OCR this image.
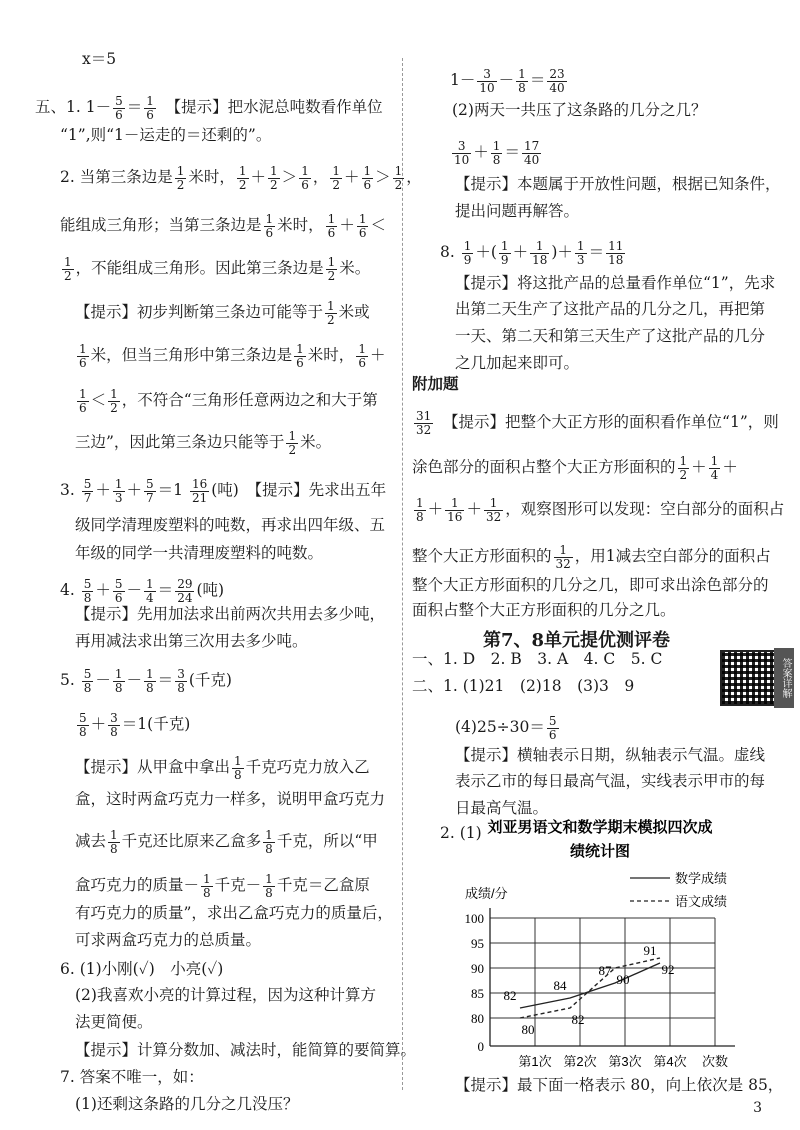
x＝5
五、1. $1- \frac{5}{6} = \frac{1}{6}$ 　【提示】把水泥总吨数看作单位
“1”,则“1－运走的＝还剩的”。
2. 当第三条边是 $\frac{1}{2}$ 米时， $\frac{1}{2} + \frac{1}{2} > \frac{1}{6}$ ， $\frac{1}{2} + \frac{1}{6} > \frac{1}{2}$ ，
能组成三角形；当第三条边是 $\frac{1}{6}$ 米时， $\frac{1}{6} + \frac{1}{6}$ ＜
$\frac{1}{2}$ ，不能组成三角形。因此第三条边是 $\frac{1}{2}$ 米。
【提示】初步判断第三条边可能等于 $\frac{1}{2}$ 米或
$\frac{1}{6}$ 米，但当三角形中第三条边是 $\frac{1}{6}$ 米时， $\frac{1}{6}$ ＋
$\frac{1}{6} < \frac{1}{2}$ ，不符合“三角形任意两边之和大于第
三边”，因此第三条边只能等于 $\frac{1}{2}$ 米。
3. $\frac{5}{7} + \frac{1}{3} + \frac{5}{7} =1 \frac{16}{21}$ (吨)　【提示】先求出五年
级同学清理废塑料的吨数，再求出四年级、五
年级的同学一共清理废塑料的吨数。
4. $\frac{5}{8} + \frac{5}{6} - \frac{1}{4} = \frac{29}{24}$ (吨)
【提示】先用加法求出前两次共用去多少吨，
再用减法求出第三次用去多少吨。
5. $\frac{5}{8} - \frac{1}{8} - \frac{1}{8} = \frac{3}{8}$ (千克)
$\frac{5}{8} + \frac{3}{8} =1$(千克)
【提示】从甲盒中拿出 $\frac{1}{8}$ 千克巧克力放入乙
盒，这时两盒巧克力一样多，说明甲盒巧克力
减去 $\frac{1}{8}$ 千克还比原来乙盒多 $\frac{1}{8}$ 千克，所以“甲
盒巧克力的质量－ $\frac{1}{8}$ 千克－ $\frac{1}{8}$ 千克＝乙盒原
有巧克力的质量”，求出乙盒巧克力的质量后，
可求两盒巧克力的总质量。
6. (1)小刚(✓)　小亮(✓)
(2)我喜欢小亮的计算过程，因为这种计算方
法更简便。
【提示】计算分数加、减法时，能简算的要简算。
7. 答案不唯一，如：
(1)还剩这条路的几分之几没压？
$1- \frac{3}{10} - \frac{1}{8} = \frac{23}{40}$
(2)两天一共压了这条路的几分之几？
$\frac{3}{10} + \frac{1}{8} = \frac{17}{40}$
【提示】本题属于开放性问题，根据已知条件，
提出问题再解答。
8. $\frac{1}{9}$ ＋( $\frac{1}{9} + \frac{1}{18}$ )＋ $\frac{1}{3} = \frac{11}{18}$
【提示】将这批产品的总量看作单位“1”，先求
出第二天生产了这批产品的几分之几，再把第
一天、第二天和第三天生产了这批产品的几分
之几加起来即可。
附加题
$\frac{31}{32}$ 　【提示】把整个大正方形的面积看作单位“1”，则
涂色部分的面积占整个大正方形面积的 $\frac{1}{2} + \frac{1}{4}$ ＋
$\frac{1}{8} + \frac{1}{16} + \frac{1}{32}$ ，观察图形可以发现：空白部分的面积占
整个大正方形面积的 $\frac{1}{32}$ ，用1减去空白部分的面积占
整个大正方形面积的几分之几，即可求出涂色部分的
面积占整个大正方形面积的几分之几。
一、1. D　2. B　3. A　4. C　5. C
二、1. (1)21　(2)18　(3)3　9
$(4)25\div 30= \frac{5}{6}$
【提示】横轴表示日期，纵轴表示气温。虚线
表示乙市的每日最高气温，实线表示甲市的每
日最高气温。
2. (1)
【提示】最下面一格表示 80，向上依次是 85，
第7、8单元提优测评卷
答案详解
刘亚男语文和数学期末模拟四次成
绩统计图
0
80
85
90
95
100
成绩/分
第1次 第2次 第3次 第4次 次数
数学成绩
语文成绩
82
84
87
91
80
82
90
92
3
